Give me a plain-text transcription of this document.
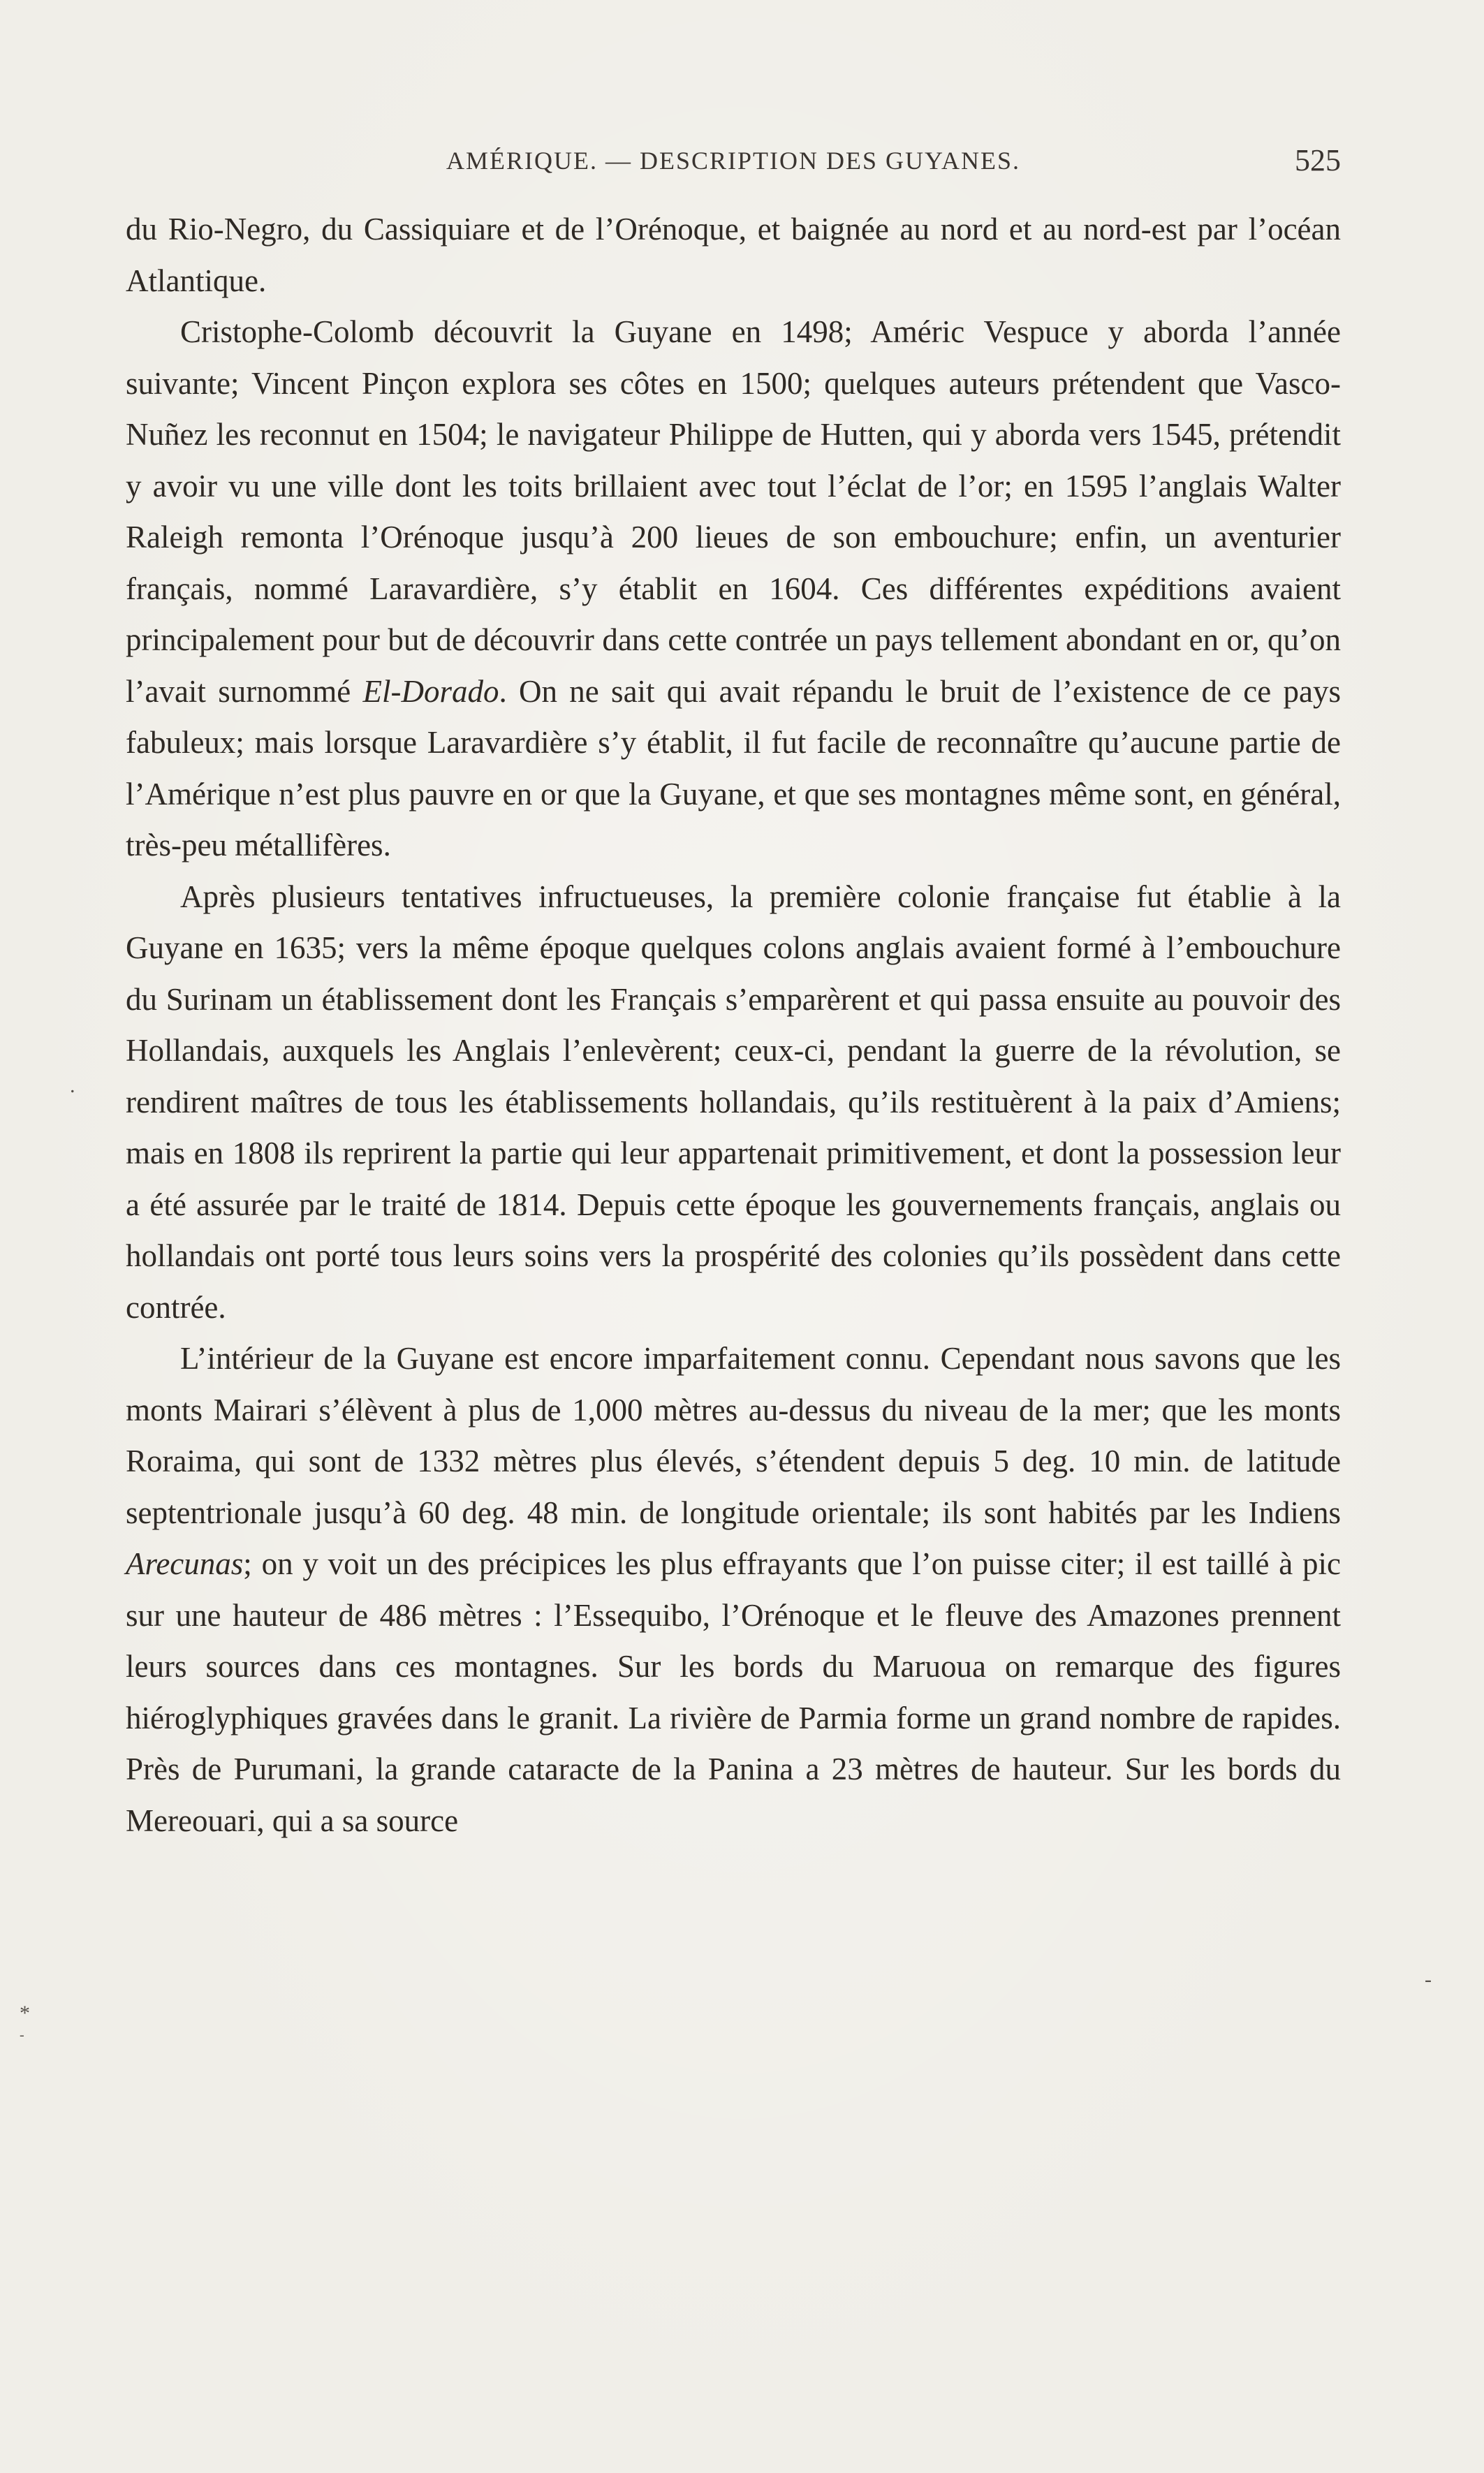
AMÉRIQUE. — DESCRIPTION DES GUYANES.	525

du Rio-Negro, du Cassiquiare et de l’Orénoque, et baignée au nord et au nord-est par l’océan Atlantique.

Cristophe-Colomb découvrit la Guyane en 1498; Améric Vespuce y aborda l’année suivante; Vincent Pinçon explora ses côtes en 1500; quelques auteurs prétendent que Vasco-Nuñez les reconnut en 1504; le navigateur Philippe de Hutten, qui y aborda vers 1545, prétendit y avoir vu une ville dont les toits brillaient avec tout l’éclat de l’or; en 1595 l’anglais Walter Raleigh remonta l’Orénoque jusqu’à 200 lieues de son embouchure; enfin, un aventurier français, nommé Laravardière, s’y établit en 1604. Ces différentes expéditions avaient principalement pour but de découvrir dans cette contrée un pays tellement abondant en or, qu’on l’avait surnommé El-Dorado. On ne sait qui avait répandu le bruit de l’existence de ce pays fabuleux; mais lorsque Laravardière s’y établit, il fut facile de reconnaître qu’aucune partie de l’Amérique n’est plus pauvre en or que la Guyane, et que ses montagnes même sont, en général, très-peu métallifères.

Après plusieurs tentatives infructueuses, la première colonie française fut établie à la Guyane en 1635; vers la même époque quelques colons anglais avaient formé à l’embouchure du Surinam un établissement dont les Français s’emparèrent et qui passa ensuite au pouvoir des Hollandais, auxquels les Anglais l’enlevèrent; ceux-ci, pendant la guerre de la révolution, se rendirent maîtres de tous les établissements hollandais, qu’ils restituèrent à la paix d’Amiens; mais en 1808 ils reprirent la partie qui leur appartenait primitivement, et dont la possession leur a été assurée par le traité de 1814. Depuis cette époque les gouvernements français, anglais ou hollandais ont porté tous leurs soins vers la prospérité des colonies qu’ils possèdent dans cette contrée.

L’intérieur de la Guyane est encore imparfaitement connu. Cependant nous savons que les monts Mairari s’élèvent à plus de 1,000 mètres au-dessus du niveau de la mer; que les monts Roraima, qui sont de 1332 mètres plus élevés, s’étendent depuis 5 deg. 10 min. de latitude septentrionale jusqu’à 60 deg. 48 min. de longitude orientale; ils sont habités par les Indiens Arecunas; on y voit un des précipices les plus effrayants que l’on puisse citer; il est taillé à pic sur une hauteur de 486 mètres : l’Essequibo, l’Orénoque et le fleuve des Amazones prennent leurs sources dans ces montagnes. Sur les bords du Maruoua on remarque des figures hiéroglyphiques gravées dans le granit. La rivière de Parmia forme un grand nombre de rapides. Près de Purumani, la grande cataracte de la Panina a 23 mètres de hauteur. Sur les bords du Mereouari, qui a sa source

.
*
-
-
